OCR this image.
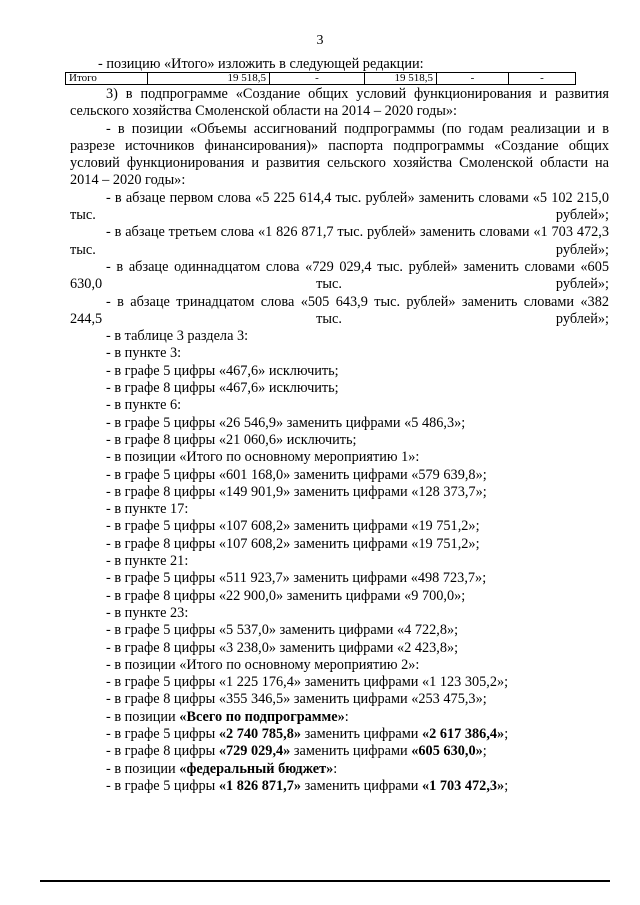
3
- позицию «Итого» изложить в следующей редакции:
Итого	19 518,5	-	19 518,5	-	-

3) в подпрограмме «Создание общих условий функционирования и развития сельского хозяйства Смоленской области на 2014 – 2020 годы»:

- в позиции «Объемы ассигнований подпрограммы (по годам реализации и в разрезе источников финансирования)» паспорта подпрограммы «Создание общих условий функционирования и развития сельского хозяйства Смоленской области на 2014 – 2020 годы»:

- в абзаце первом слова «5 225 614,4 тыс. рублей» заменить словами «5 102 215,0 тыс. рублей»;

- в абзаце третьем слова «1 826 871,7 тыс. рублей» заменить словами «1 703 472,3 тыс. рублей»;

- в абзаце одиннадцатом слова «729 029,4 тыс. рублей» заменить словами «605 630,0 тыс. рублей»;

- в абзаце тринадцатом слова «505 643,9 тыс. рублей» заменить словами «382 244,5 тыс. рублей»;

- в таблице 3 раздела 3:

- в пункте 3:

- в графе 5 цифры «467,6» исключить;

- в графе 8 цифры «467,6» исключить;

- в пункте 6:

- в графе 5 цифры «26 546,9» заменить цифрами «5 486,3»;

- в графе 8 цифры «21 060,6» исключить;

- в позиции «Итого по основному мероприятию 1»:

- в графе 5 цифры «601 168,0» заменить цифрами «579 639,8»;

- в графе 8 цифры «149 901,9» заменить цифрами «128 373,7»;

- в пункте 17:

- в графе 5 цифры «107 608,2» заменить цифрами «19 751,2»;

- в графе 8 цифры «107 608,2» заменить цифрами «19 751,2»;

- в пункте 21:

- в графе 5 цифры «511 923,7» заменить цифрами «498 723,7»;

- в графе 8 цифры «22 900,0» заменить цифрами «9 700,0»;

- в пункте 23:

- в графе 5 цифры «5 537,0» заменить цифрами «4 722,8»;

- в графе 8 цифры «3 238,0» заменить цифрами «2 423,8»;

- в позиции «Итого по основному мероприятию 2»:

- в графе 5 цифры «1 225 176,4» заменить цифрами «1 123 305,2»;

- в графе 8 цифры «355 346,5» заменить цифрами «253 475,3»;

- в позиции «Всего по подпрограмме»:

- в графе 5 цифры «2 740 785,8» заменить цифрами «2 617 386,4»;

- в графе 8 цифры «729 029,4» заменить цифрами «605 630,0»;

- в позиции «федеральный бюджет»:

- в графе 5 цифры «1 826 871,7» заменить цифрами «1 703 472,3»;
